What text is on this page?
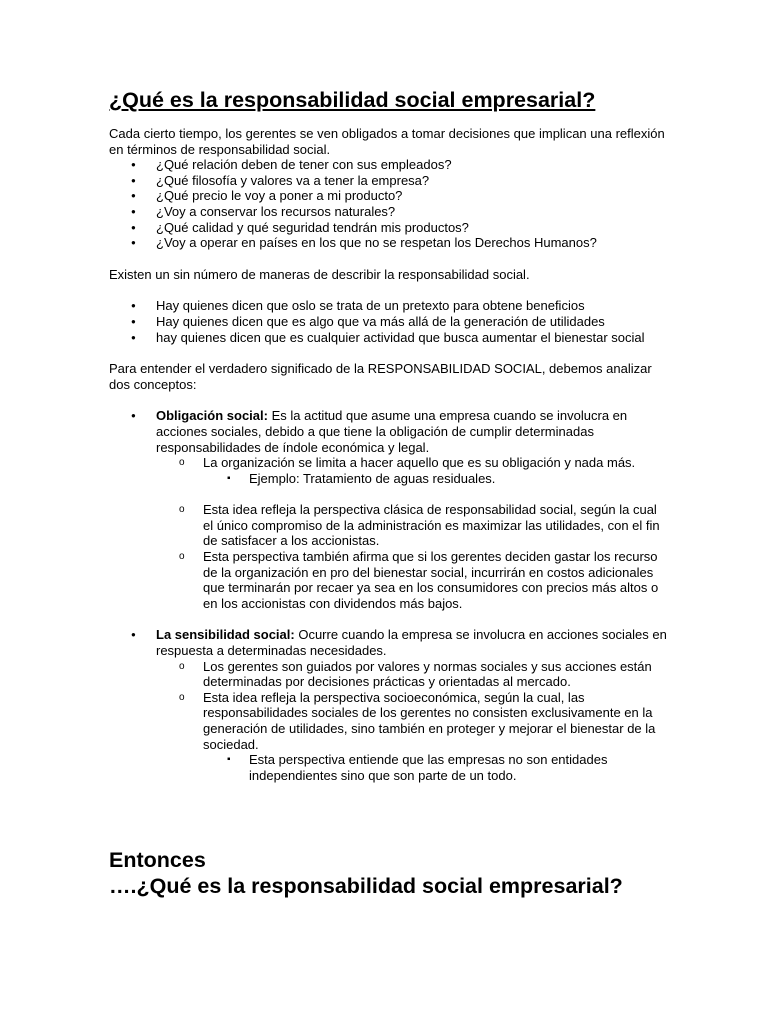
¿Qué es la responsabilidad social empresarial?

Cada cierto tiempo, los gerentes se ven obligados a tomar decisiones que implican una reflexión en términos de responsabilidad social.

● ¿Qué relación deben de tener con sus empleados?
● ¿Qué filosofía y valores va a tener la empresa?
● ¿Qué precio le voy a poner a mi producto?
● ¿Voy a conservar los recursos naturales?
● ¿Qué calidad y qué seguridad tendrán mis productos?
● ¿Voy a operar en países en los que no se respetan los Derechos Humanos?

Existen un sin número de maneras de describir la responsabilidad social.

● Hay quienes dicen que oslo se trata de un pretexto para obtene beneficios
● Hay quienes dicen que es algo que va más allá de la generación de utilidades
● hay quienes dicen que es cualquier actividad que busca aumentar el bienestar social

Para entender el verdadero significado de la RESPONSABILIDAD SOCIAL, debemos analizar dos conceptos:

● Obligación social: Es la actitud que asume una empresa cuando se involucra en acciones sociales, debido a que tiene la obligación de cumplir determinadas responsabilidades de índole económica y legal.
o La organización se limita a hacer aquello que es su obligación y nada más.
▪ Ejemplo: Tratamiento de aguas residuales.
o Esta idea refleja la perspectiva clásica de responsabilidad social, según la cual el único compromiso de la administración es maximizar las utilidades, con el fin de satisfacer a los accionistas.
o Esta perspectiva también afirma que si los gerentes deciden gastar los recurso de la organización en pro del bienestar social, incurrirán en costos adicionales que terminarán por recaer ya sea en los consumidores con precios más altos o en los accionistas con dividendos más bajos.
● La sensibilidad social: Ocurre cuando la empresa se involucra en acciones sociales en respuesta a determinadas necesidades.
o Los gerentes son guiados por valores y normas sociales y sus acciones están determinadas por decisiones prácticas y orientadas al mercado.
o Esta idea refleja la perspectiva socioeconómica, según la cual, las responsabilidades sociales de los gerentes no consisten exclusivamente en la generación de utilidades, sino también en proteger y mejorar el bienestar de la sociedad.
▪ Esta perspectiva entiende que las empresas no son entidades independientes sino que son parte de un todo.
Entonces
….¿Qué es la responsabilidad social empresarial?
